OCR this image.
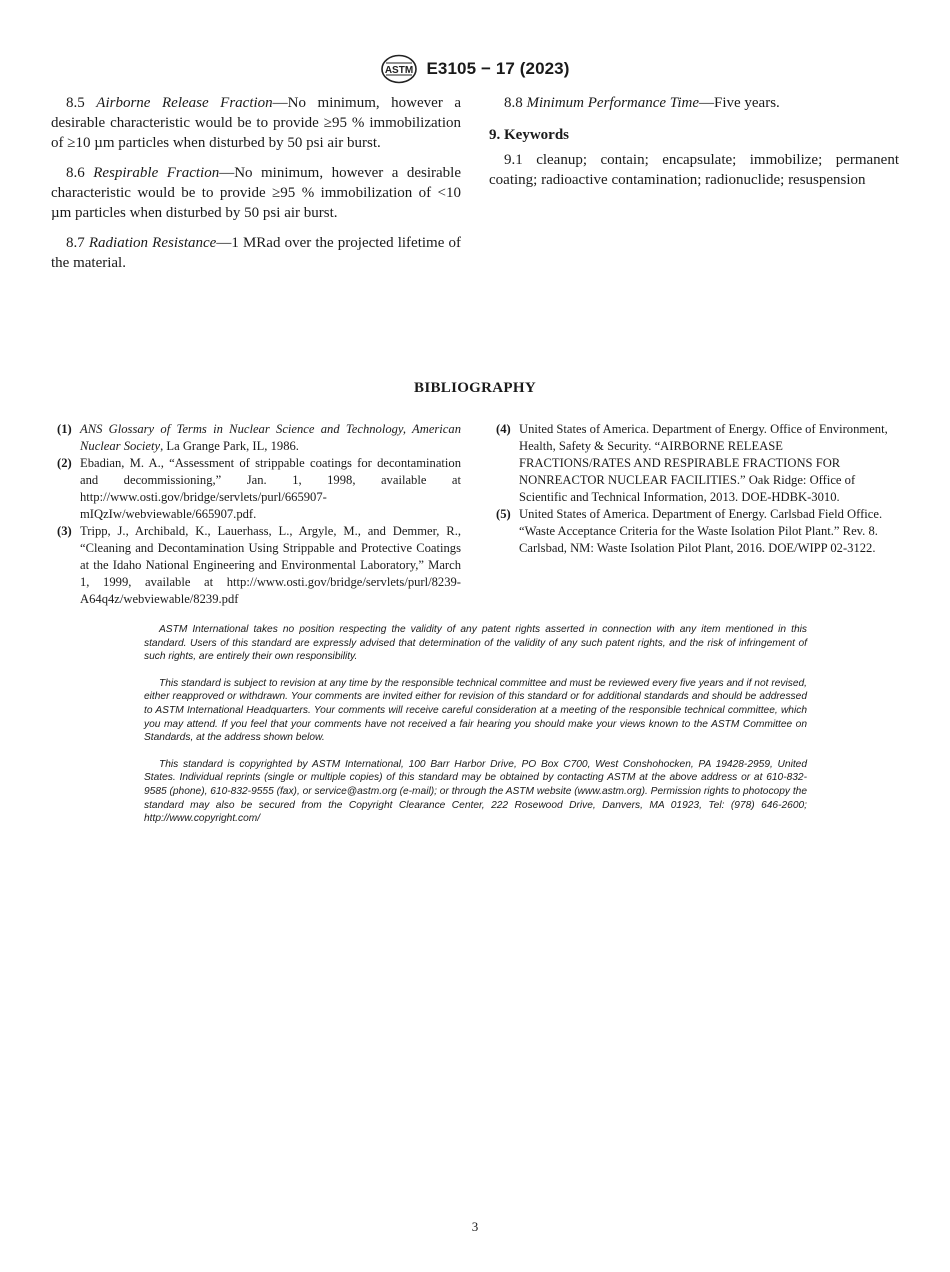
ASTM E3105 − 17 (2023)

8.5 Airborne Release Fraction—No minimum, however a desirable characteristic would be to provide ≥95 % immobilization of ≥10 µm particles when disturbed by 50 psi air burst.

8.6 Respirable Fraction—No minimum, however a desirable characteristic would be to provide ≥95 % immobilization of <10 µm particles when disturbed by 50 psi air burst.

8.7 Radiation Resistance—1 MRad over the projected lifetime of the material.

8.8 Minimum Performance Time—Five years.

9. Keywords

9.1 cleanup; contain; encapsulate; immobilize; permanent coating; radioactive contamination; radionuclide; resuspension

BIBLIOGRAPHY
(1) ANS Glossary of Terms in Nuclear Science and Technology, American Nuclear Society, La Grange Park, IL, 1986.
(2) Ebadian, M. A., “Assessment of strippable coatings for decontamination and decommissioning,” Jan. 1, 1998, available at http://www.osti.gov/bridge/servlets/purl/665907-mIQzIw/webviewable/665907.pdf.
(3) Tripp, J., Archibald, K., Lauerhass, L., Argyle, M., and Demmer, R., “Cleaning and Decontamination Using Strippable and Protective Coatings at the Idaho National Engineering and Environmental Laboratory,” March 1, 1999, available at http://www.osti.gov/bridge/servlets/purl/8239-A64q4z/webviewable/8239.pdf
(4) United States of America. Department of Energy. Office of Environment, Health, Safety & Security. “AIRBORNE RELEASE FRACTIONS/RATES AND RESPIRABLE FRACTIONS FOR NONREACTOR NUCLEAR FACILITIES.” Oak Ridge: Office of Scientific and Technical Information, 2013. DOE-HDBK-3010.
(5) United States of America. Department of Energy. Carlsbad Field Office. “Waste Acceptance Criteria for the Waste Isolation Pilot Plant.” Rev. 8. Carlsbad, NM: Waste Isolation Pilot Plant, 2016. DOE/WIPP 02-3122.

ASTM International takes no position respecting the validity of any patent rights asserted in connection with any item mentioned in this standard. Users of this standard are expressly advised that determination of the validity of any such patent rights, and the risk of infringement of such rights, are entirely their own responsibility.

This standard is subject to revision at any time by the responsible technical committee and must be reviewed every five years and if not revised, either reapproved or withdrawn. Your comments are invited either for revision of this standard or for additional standards and should be addressed to ASTM International Headquarters. Your comments will receive careful consideration at a meeting of the responsible technical committee, which you may attend. If you feel that your comments have not received a fair hearing you should make your views known to the ASTM Committee on Standards, at the address shown below.

This standard is copyrighted by ASTM International, 100 Barr Harbor Drive, PO Box C700, West Conshohocken, PA 19428-2959, United States. Individual reprints (single or multiple copies) of this standard may be obtained by contacting ASTM at the above address or at 610-832-9585 (phone), 610-832-9555 (fax), or service@astm.org (e-mail); or through the ASTM website (www.astm.org). Permission rights to photocopy the standard may also be secured from the Copyright Clearance Center, 222 Rosewood Drive, Danvers, MA 01923, Tel: (978) 646-2600; http://www.copyright.com/

3
